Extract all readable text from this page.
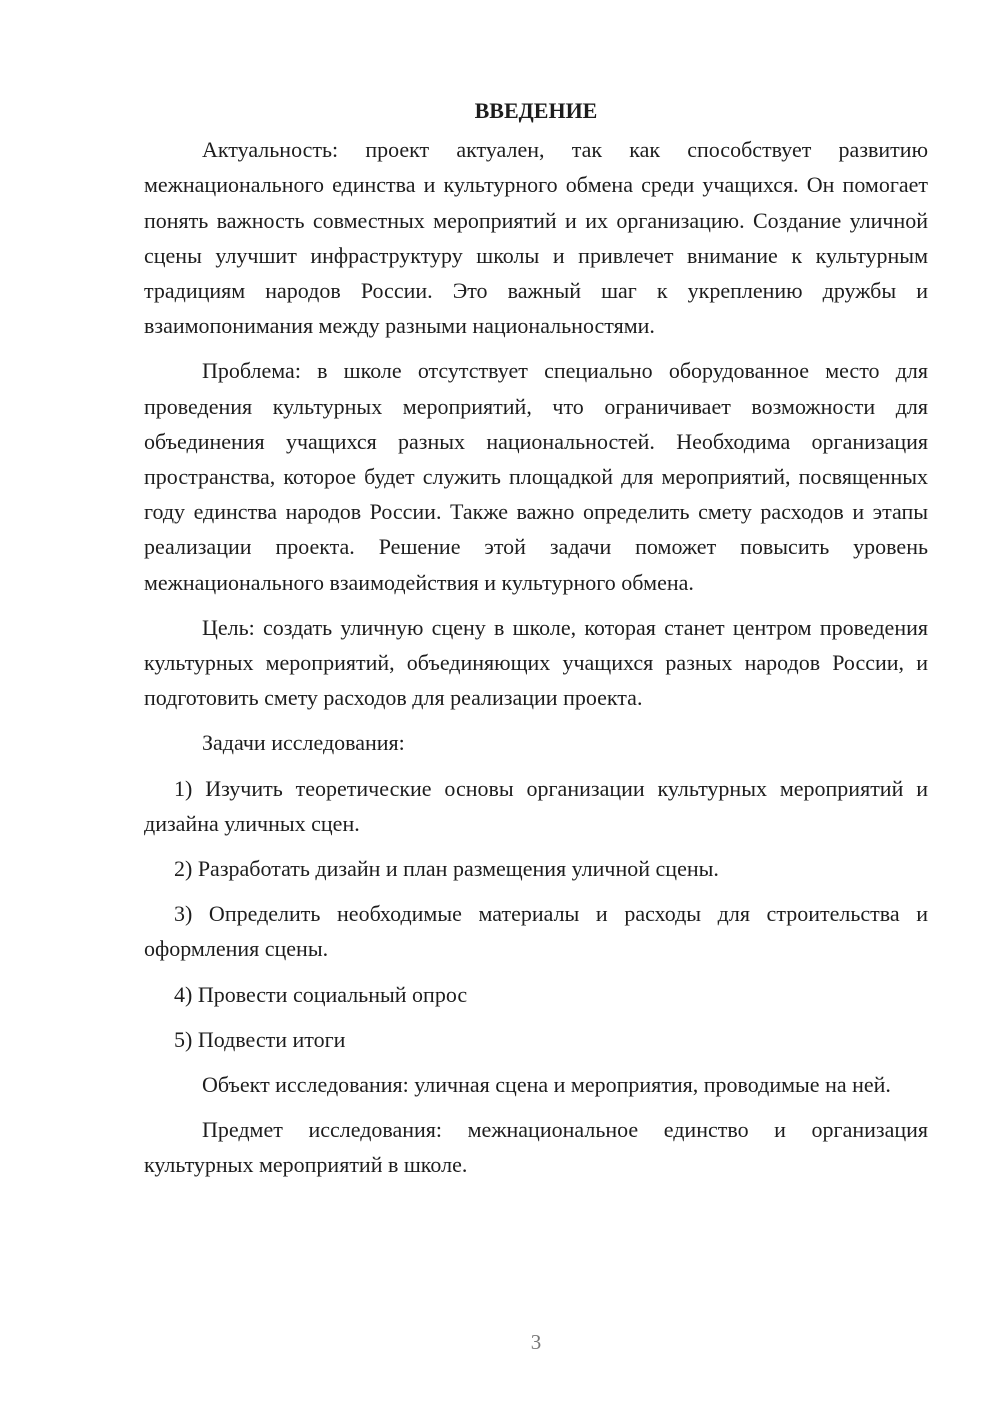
ВВЕДЕНИЕ

Актуальность: проект актуален, так как способствует развитию межнационального единства и культурного обмена среди учащихся. Он помогает понять важность совместных мероприятий и их организацию. Создание уличной сцены улучшит инфраструктуру школы и привлечет внимание к культурным традициям народов России. Это важный шаг к укреплению дружбы и взаимопонимания между разными национальностями.

Проблема: в школе отсутствует специально оборудованное место для проведения культурных мероприятий, что ограничивает возможности для объединения учащихся разных национальностей. Необходима организация пространства, которое будет служить площадкой для мероприятий, посвященных году единства народов России. Также важно определить смету расходов и этапы реализации проекта. Решение этой задачи поможет повысить уровень межнационального взаимодействия и культурного обмена.

Цель: создать уличную сцену в школе, которая станет центром проведения культурных мероприятий, объединяющих учащихся разных народов России, и подготовить смету расходов для реализации проекта.

Задачи исследования:

1) Изучить теоретические основы организации культурных мероприятий и дизайна уличных сцен.

2) Разработать дизайн и план размещения уличной сцены.

3) Определить необходимые материалы и расходы для строительства и оформления сцены.

4) Провести социальный опрос

5) Подвести итоги

Объект исследования: уличная сцена и мероприятия, проводимые на ней.

Предмет исследования: межнациональное единство и организация культурных мероприятий в школе.

3
